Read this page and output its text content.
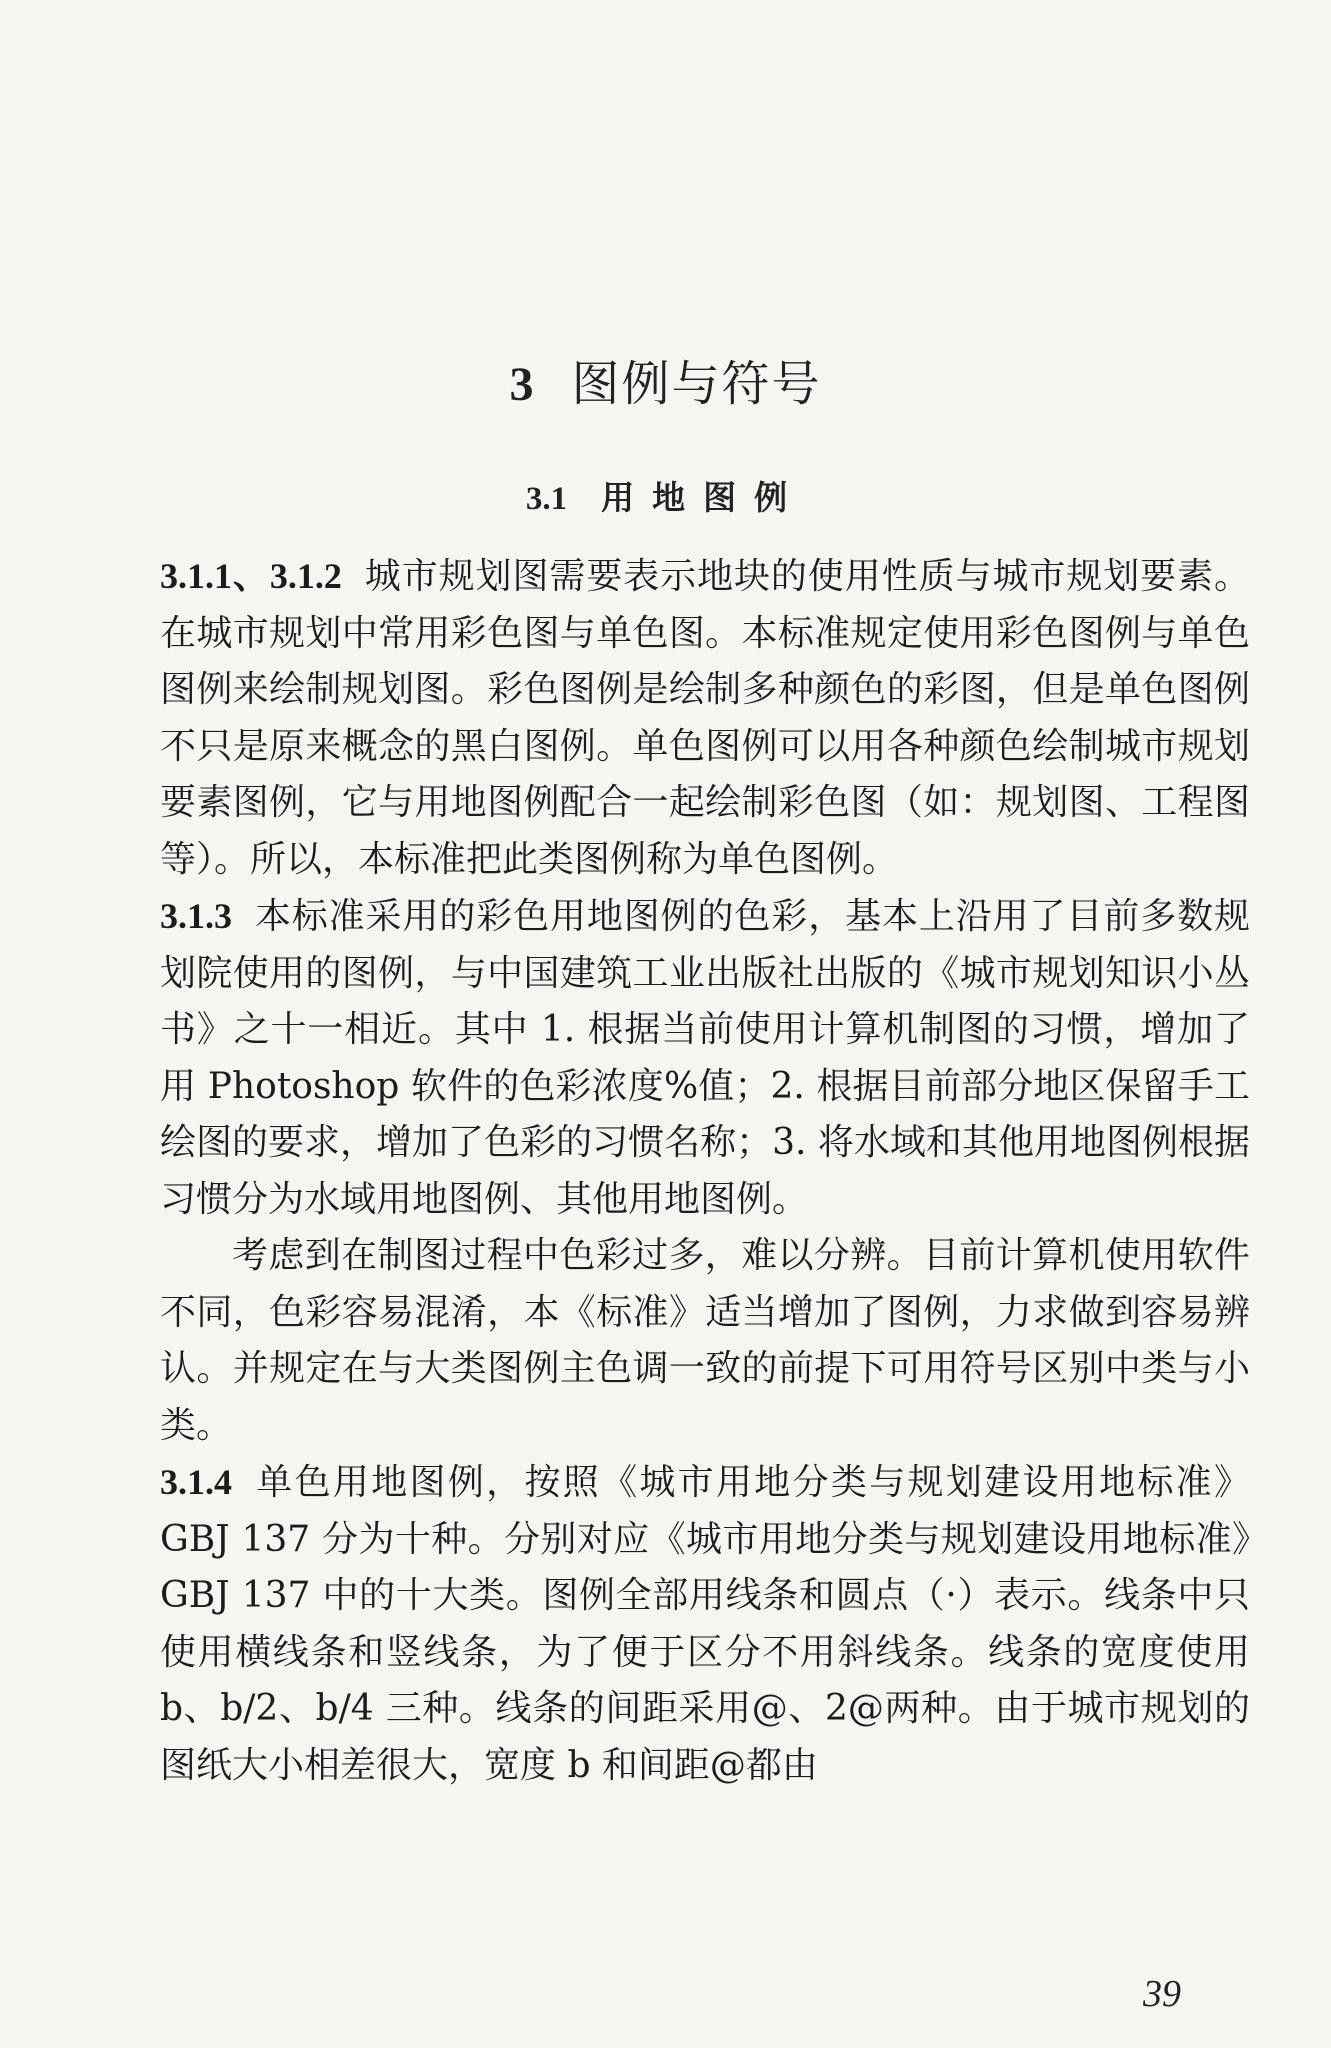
3 图例与符号
3.1 用地图例

3.1.1、3.1.2 城市规划图需要表示地块的使用性质与城市规划要素。在城市规划中常用彩色图与单色图。本标准规定使用彩色图例与单色图例来绘制规划图。彩色图例是绘制多种颜色的彩图，但是单色图例不只是原来概念的黑白图例。单色图例可以用各种颜色绘制城市规划要素图例，它与用地图例配合一起绘制彩色图（如：规划图、工程图等）。所以，本标准把此类图例称为单色图例。

3.1.3 本标准采用的彩色用地图例的色彩，基本上沿用了目前多数规划院使用的图例，与中国建筑工业出版社出版的《城市规划知识小丛书》之十一相近。其中 1. 根据当前使用计算机制图的习惯，增加了用 Photoshop 软件的色彩浓度%值；2. 根据目前部分地区保留手工绘图的要求，增加了色彩的习惯名称；3. 将水域和其他用地图例根据习惯分为水域用地图例、其他用地图例。

考虑到在制图过程中色彩过多，难以分辨。目前计算机使用软件不同，色彩容易混淆，本《标准》适当增加了图例，力求做到容易辨认。并规定在与大类图例主色调一致的前提下可用符号区别中类与小类。

3.1.4 单色用地图例，按照《城市用地分类与规划建设用地标准》GBJ 137 分为十种。分别对应《城市用地分类与规划建设用地标准》GBJ 137 中的十大类。图例全部用线条和圆点（·）表示。线条中只使用横线条和竖线条，为了便于区分不用斜线条。线条的宽度使用 b、b/2、b/4 三种。线条的间距采用@、2@两种。由于城市规划的图纸大小相差很大，宽度 b 和间距@都由

39
